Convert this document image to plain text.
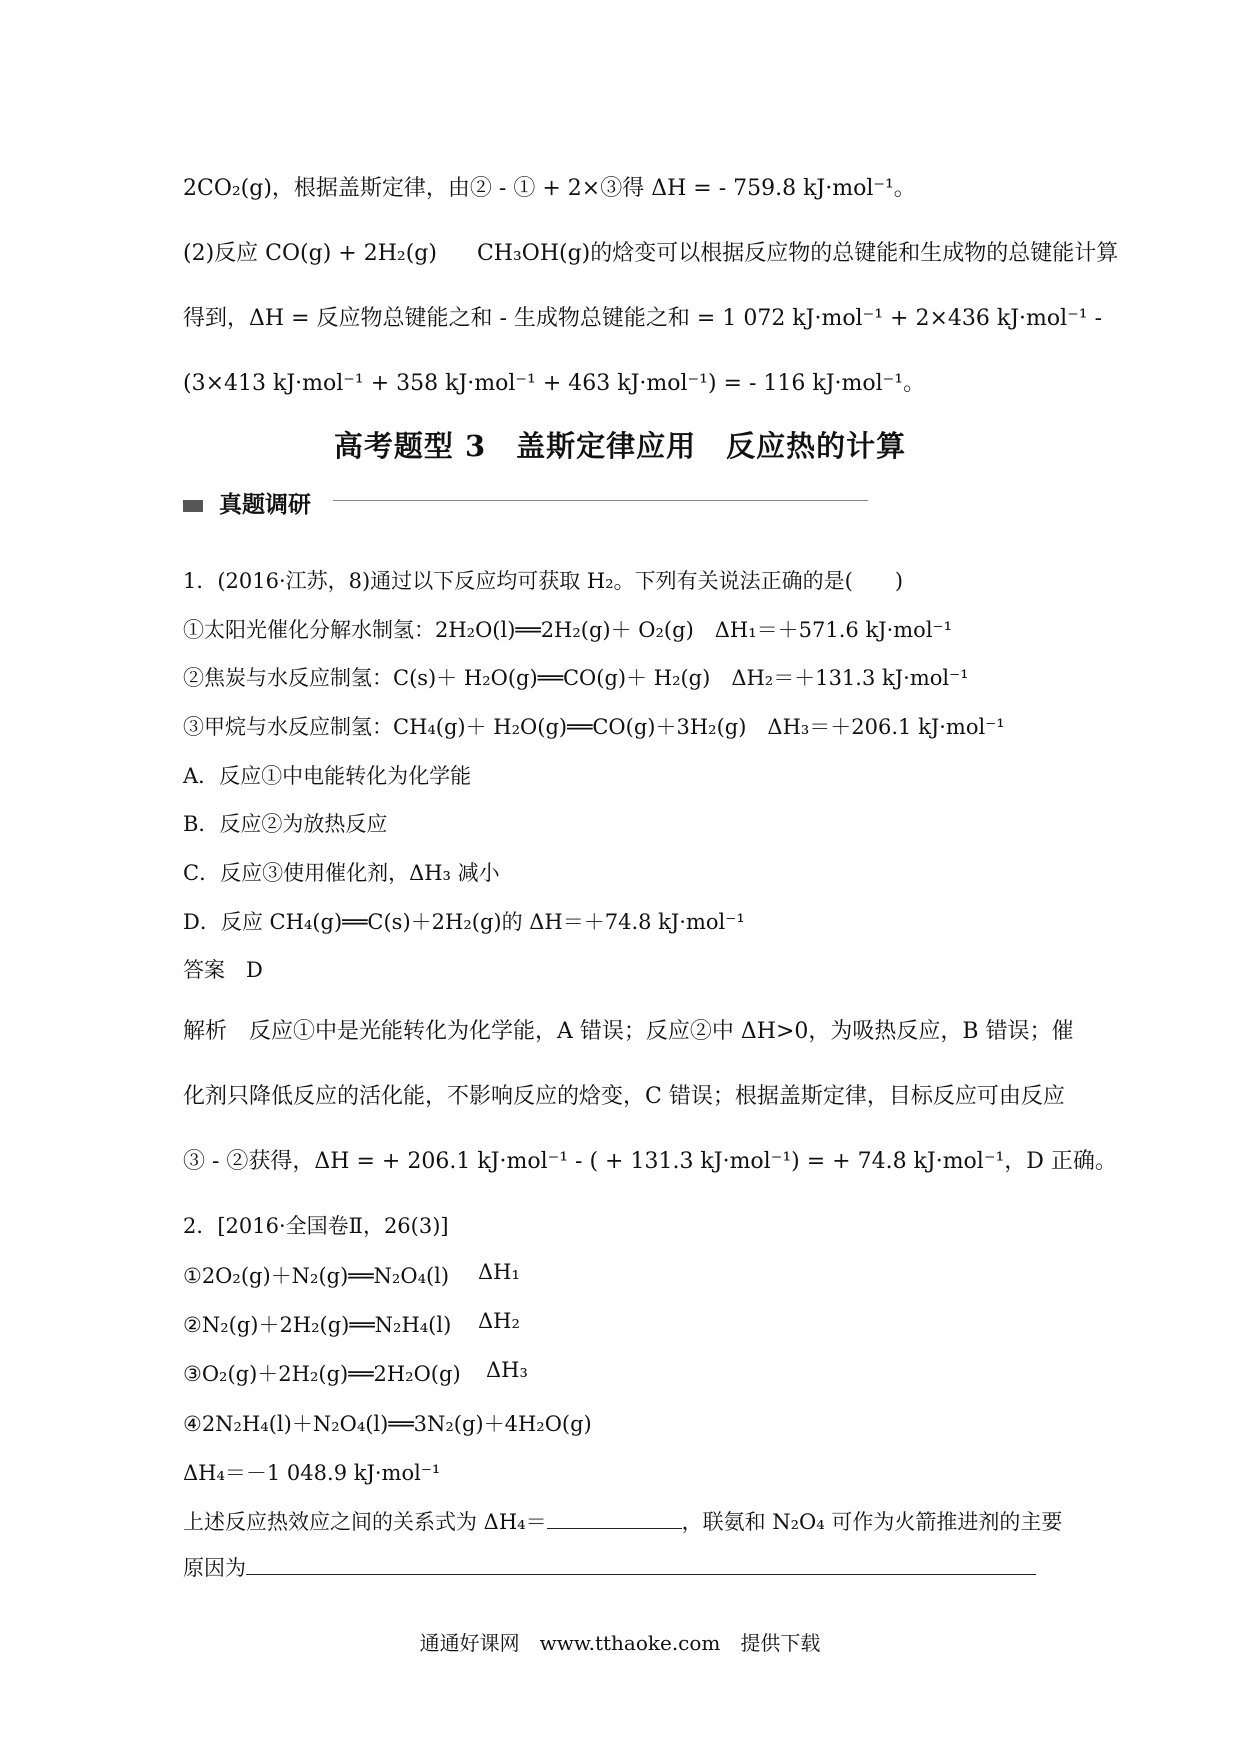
2CO₂(g)，根据盖斯定律，由② - ① + 2×③得 ΔH = - 759.8 kJ·mol⁻¹。
(2)反应 CO(g) + 2H₂(g) CH₃OH(g)的焓变可以根据反应物的总键能和生成物的总键能计算
得到，ΔH = 反应物总键能之和 - 生成物总键能之和 = 1 072 kJ·mol⁻¹ + 2×436 kJ·mol⁻¹ -
(3×413 kJ·mol⁻¹ + 358 kJ·mol⁻¹ + 463 kJ·mol⁻¹) = - 116 kJ·mol⁻¹。
高考题型 3　盖斯定律应用　反应热的计算
真题调研
1．(2016·江苏，8)通过以下反应均可获取 H₂。下列有关说法正确的是(　　)
①太阳光催化分解水制氢：2H₂O(l)══2H₂(g)＋ O₂(g)　ΔH₁＝＋571.6 kJ·mol⁻¹
②焦炭与水反应制氢：C(s)＋ H₂O(g)══CO(g)＋ H₂(g)　ΔH₂＝＋131.3 kJ·mol⁻¹
③甲烷与水反应制氢：CH₄(g)＋ H₂O(g)══CO(g)＋3H₂(g)　ΔH₃＝＋206.1 kJ·mol⁻¹
A．反应①中电能转化为化学能
B．反应②为放热反应
C．反应③使用催化剂，ΔH₃ 减小
D．反应 CH₄(g)══C(s)＋2H₂(g)的 ΔH＝＋74.8 kJ·mol⁻¹
答案　D
解析　反应①中是光能转化为化学能，A 错误；反应②中 ΔH>0，为吸热反应，B 错误；催
化剂只降低反应的活化能，不影响反应的焓变，C 错误；根据盖斯定律，目标反应可由反应
③ - ②获得，ΔH = + 206.1 kJ·mol⁻¹ - ( + 131.3 kJ·mol⁻¹) = + 74.8 kJ·mol⁻¹，D 正确。
2．[2016·全国卷Ⅱ，26(3)]
①2O₂(g)＋N₂(g)══N₂O₄(l) ΔH₁
②N₂(g)＋2H₂(g)══N₂H₄(l) ΔH₂
③O₂(g)＋2H₂(g)══2H₂O(g) ΔH₃
④2N₂H₄(l)＋N₂O₄(l)══3N₂(g)＋4H₂O(g)
ΔH₄＝－1 048.9 kJ·mol⁻¹
上述反应热效应之间的关系式为 ΔH₄＝	，联氨和 N₂O₄ 可作为火箭推进剂的主要
原因为
通通好课网　www.tthaoke.com　提供下载
